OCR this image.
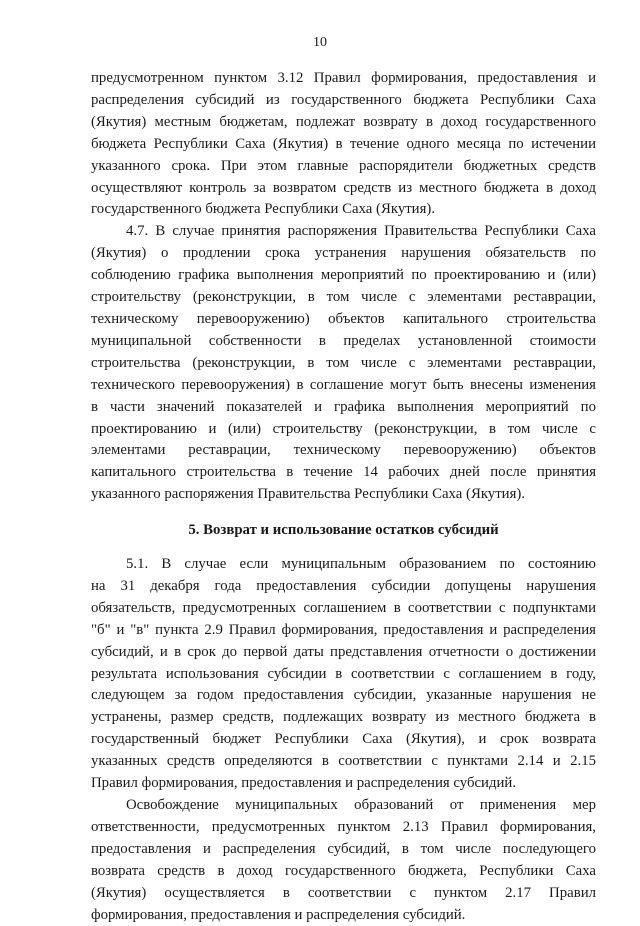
10
предусмотренном пунктом 3.12 Правил формирования, предоставления и
распределения субсидий из государственного бюджета Республики Саха
(Якутия) местным бюджетам, подлежат возврату в доход государственного
бюджета Республики Саха (Якутия) в течение одного месяца по истечении
указанного срока. При этом главные распорядители бюджетных средств
осуществляют контроль за возвратом средств из местного бюджета в доход
государственного бюджета Республики Саха (Якутия).
4.7. В случае принятия распоряжения Правительства Республики Саха
(Якутия) о продлении срока устранения нарушения обязательств по
соблюдению графика выполнения мероприятий по проектированию и (или)
строительству (реконструкции, в том числе с элементами реставрации,
техническому перевооружению) объектов капитального строительства
муниципальной собственности в пределах установленной стоимости
строительства (реконструкции, в том числе с элементами реставрации,
технического перевооружения) в соглашение могут быть внесены изменения
в части значений показателей и графика выполнения мероприятий по
проектированию и (или) строительству (реконструкции, в том числе с
элементами реставрации, техническому перевооружению) объектов
капитального строительства в течение 14 рабочих дней после принятия
указанного распоряжения Правительства Республики Саха (Якутия).
5. Возврат и использование остатков субсидий
5.1. В случае если муниципальным образованием по состоянию
на 31 декабря года предоставления субсидии допущены нарушения
обязательств, предусмотренных соглашением в соответствии с подпунктами
"б" и "в" пункта 2.9 Правил формирования, предоставления и распределения
субсидий, и в срок до первой даты представления отчетности о достижении
результата использования субсидии в соответствии с соглашением в году,
следующем за годом предоставления субсидии, указанные нарушения не
устранены, размер средств, подлежащих возврату из местного бюджета в
государственный бюджет Республики Саха (Якутия), и срок возврата
указанных средств определяются в соответствии с пунктами 2.14 и 2.15
Правил формирования, предоставления и распределения субсидий.
Освобождение муниципальных образований от применения мер
ответственности, предусмотренных пунктом 2.13 Правил формирования,
предоставления и распределения субсидий, в том числе последующего
возврата средств в доход государственного бюджета, Республики Саха
(Якутия) осуществляется в соответствии с пунктом 2.17 Правил
формирования, предоставления и распределения субсидий.
